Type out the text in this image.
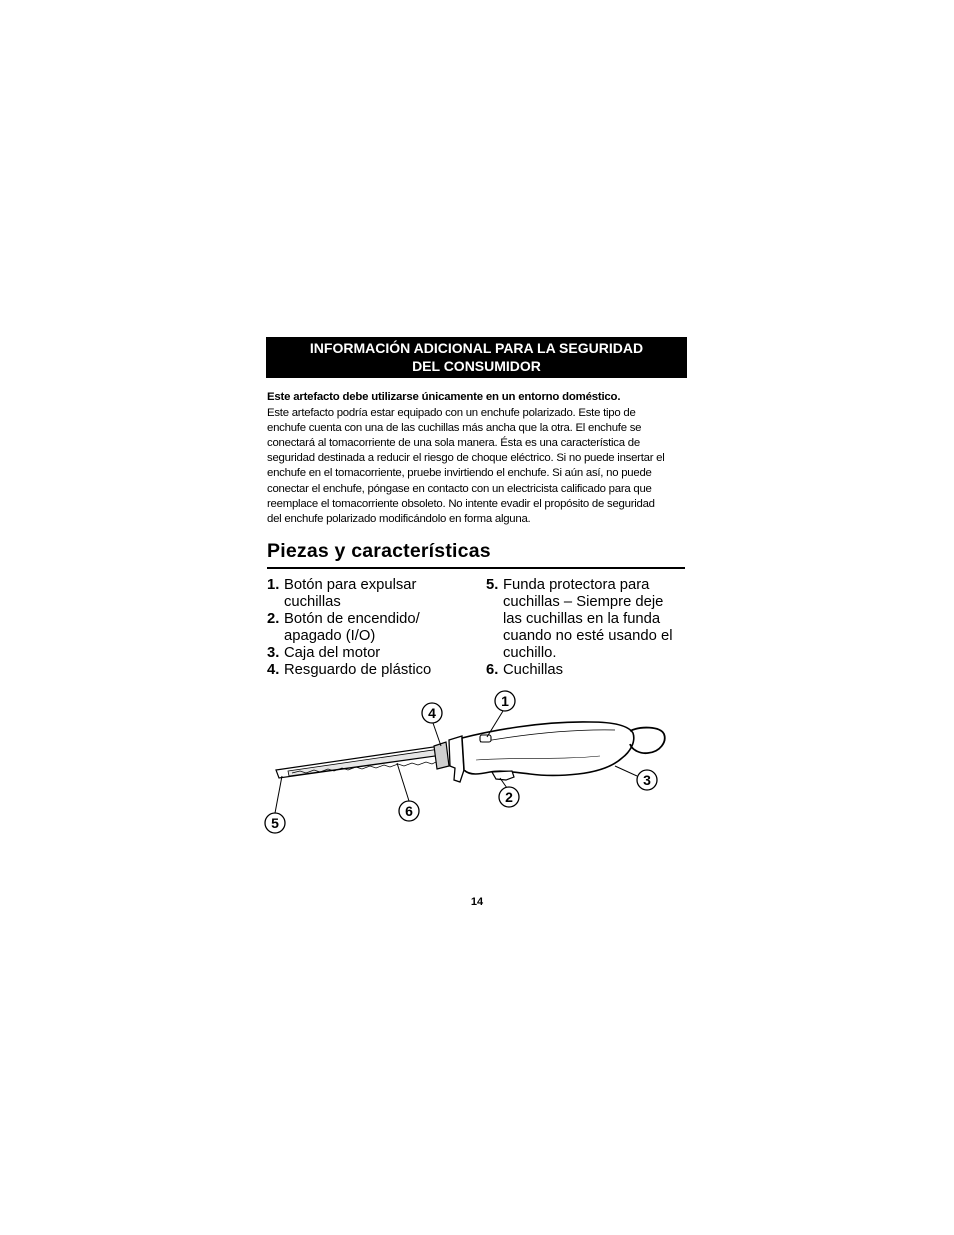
INFORMACIÓN ADICIONAL PARA LA SEGURIDAD
DEL CONSUMIDOR
Este artefacto debe utilizarse únicamente en un entorno doméstico.
Este artefacto podría estar equipado con un enchufe polarizado. Este tipo de
enchufe cuenta con una de las cuchillas más ancha que la otra. El enchufe se
conectará al tomacorriente de una sola manera. Ésta es una característica de
seguridad destinada a reducir el riesgo de choque eléctrico. Si no puede insertar el
enchufe en el tomacorriente, pruebe invirtiendo el enchufe. Si aún así, no puede
conectar el enchufe, póngase en contacto con un electricista calificado para que
reemplace el tomacorriente obsoleto. No intente evadir el propósito de seguridad
del enchufe polarizado modificándolo en forma alguna.
Piezas y características
1. Botón para expulsar
cuchillas
2. Botón de encendido/
apagado (I/O)
3. Caja del motor
4. Resguardo de plástico
5. Funda protectora para
cuchillas – Siempre deje
las cuchillas en la funda
cuando no esté usando el
cuchillo.
6. Cuchillas
1
2
3
4
5
6
14
